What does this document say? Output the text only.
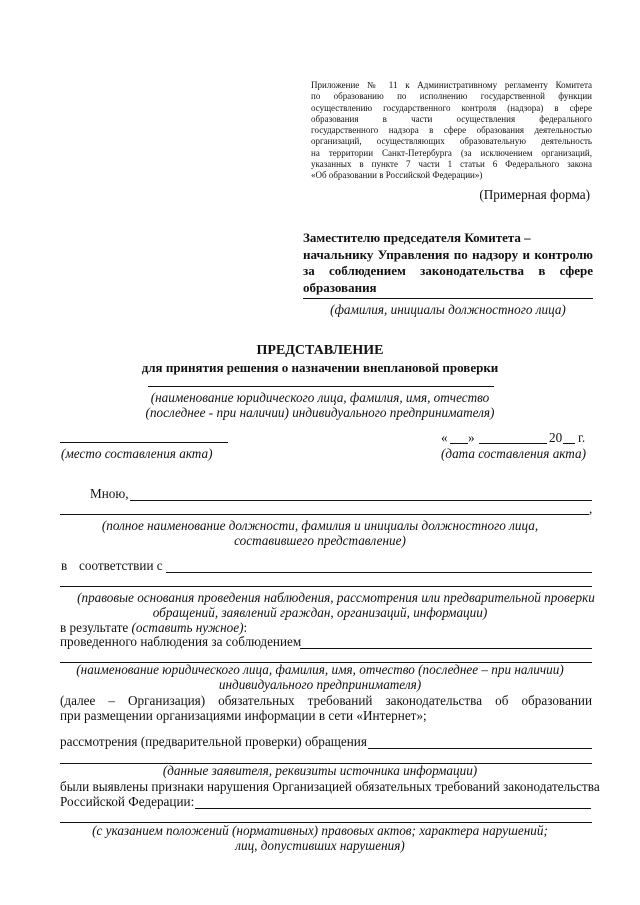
Приложение № 11 к Административному регламенту Комитета
по образованию по исполнению государственной функции
осуществлению государственного контроля (надзора) в сфере
образования в части осуществления федерального
государственного надзора в сфере образования деятельностью
организаций, осуществляющих образовательную деятельность
на территории Санкт-Петербурга (за исключением организаций,
указанных в пункте 7 части 1 статьи 6 Федерального закона
«Об образовании в Российской Федерации»)
(Примерная форма)
Заместителю председателя Комитета –
начальнику Управления по надзору и контролю
за соблюдением законодательства в сфере
образования
(фамилия, инициалы должностного лица)
ПРЕДСТАВЛЕНИЕ
для принятия решения о назначении внеплановой проверки
(наименование юридического лица, фамилия, имя, отчество
(последнее - при наличии) индивидуального предпринимателя)
(место составления акта)
« »	20 г.
(дата составления акта)
Мною,
,
(полное наименование должности, фамилия и инициалы должностного лица,
составившего представление)
в соответствии с
(правовые основания проведения наблюдения, рассмотрения или предварительной проверки
обращений, заявлений граждан, организаций, информации)
в результате (оставить нужное):
проведенного наблюдения за соблюдением
(наименование юридического лица, фамилия, имя, отчество (последнее – при наличии)
индивидуального предпринимателя)
(далее – Организация) обязательных требований законодательства об образовании
при размещении организациями информации в сети «Интернет»;
рассмотрения (предварительной проверки) обращения
(данные заявителя, реквизиты источника информации)
были выявлены признаки нарушения Организацией обязательных требований законодательства
Российской Федерации:
(с указанием положений (нормативных) правовых актов; характера нарушений;
лиц, допустивших нарушения)
